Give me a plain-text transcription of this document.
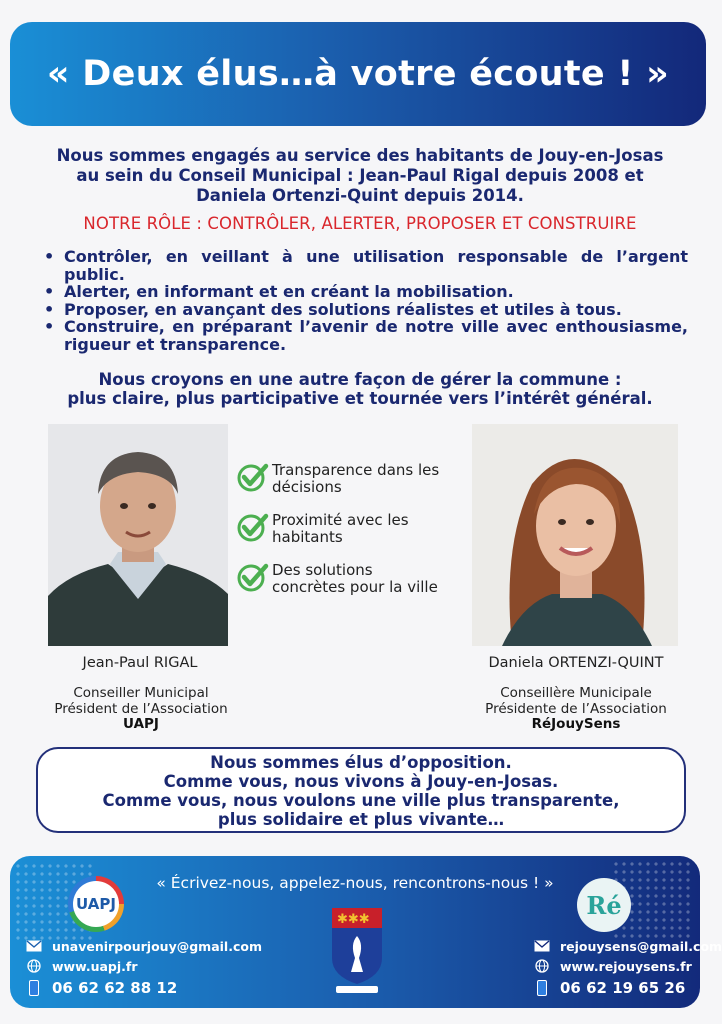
« Deux élus…à votre écoute ! »
Nous sommes engagés au service des habitants de Jouy-en-Josas
au sein du Conseil Municipal : Jean-Paul Rigal depuis 2008 et
Daniela Ortenzi-Quint depuis 2014.
NOTRE RÔLE : CONTRÔLER, ALERTER, PROPOSER ET CONSTRUIRE
• Contrôler, en veillant à une utilisation responsable de l’argent public.
• Alerter, en informant et en créant la mobilisation.
• Proposer, en avançant des solutions réalistes et utiles à tous.
• Construire, en préparant l’avenir de notre ville avec enthousiasme, rigueur et transparence.
Nous croyons en une autre façon de gérer la commune :
plus claire, plus participative et tournée vers l’intérêt général.
Transparence dans les
décisions
Proximité avec les
habitants
Des solutions
concrètes pour la ville
Jean-Paul RIGAL
Conseiller Municipal
Président de l’Association
UAPJ
Daniela ORTENZI-QUINT
Conseillère Municipale
Présidente de l’Association
RéJouySens
Nous sommes élus d’opposition.
Comme vous, nous vivons à Jouy-en-Josas.
Comme vous, nous voulons une ville plus transparente,
plus solidaire et plus vivante…
« Écrivez-nous, appelez-nous, rencontrons-nous ! »
UAPJ	Ré
✱✱✱
unavenirpourjouy@gmail.com
www.uapj.fr
06 62 62 88 12
rejouysens@gmail.com
www.rejouysens.fr
06 62 19 65 26
